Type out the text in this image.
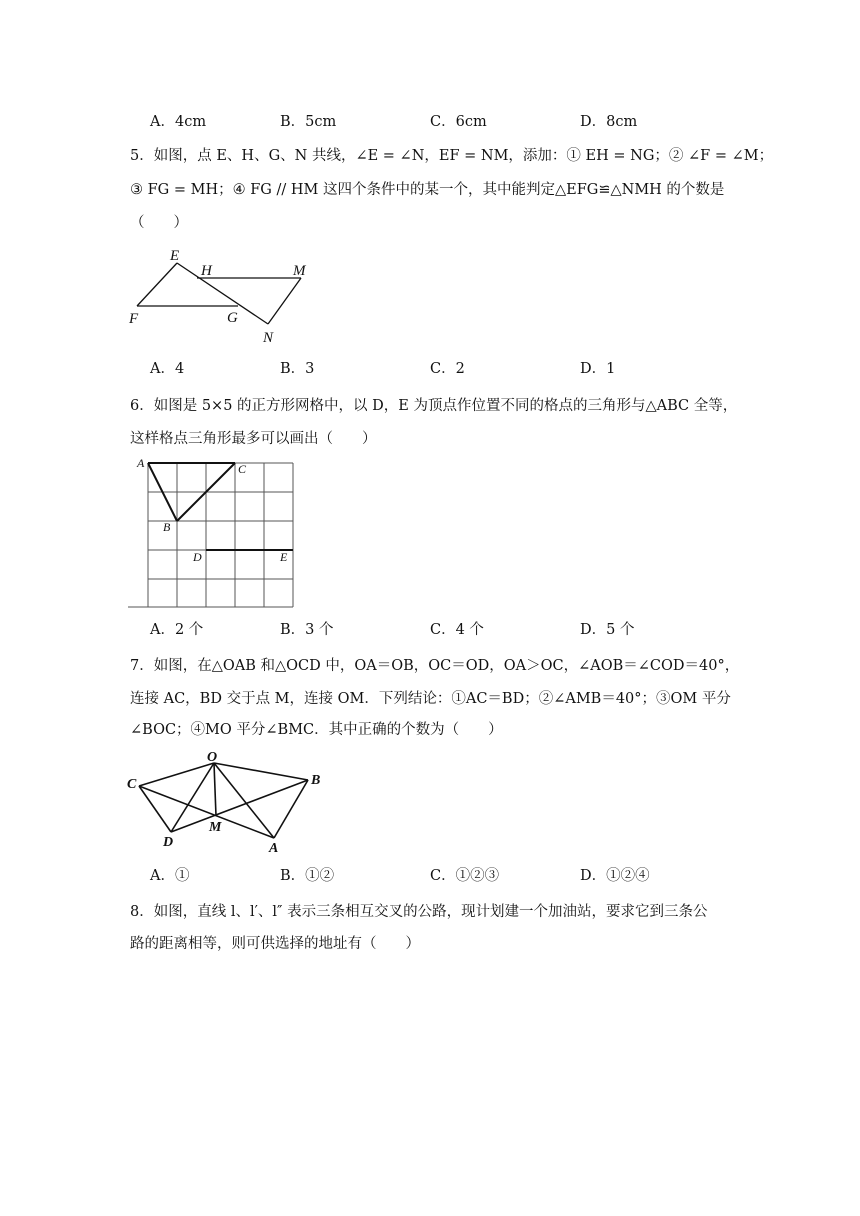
A．4cm	B．5cm	C．6cm	D．8cm
5．如图，点 E、H、G、N 共线，∠E = ∠N，EF = NM，添加：① EH = NG；② ∠F = ∠M；
③ FG = MH；④ FG // HM 这四个条件中的某一个，其中能判定△EFG≌△NMH 的个数是
（　　）
E
H	M
F	G
N
A．4	B．3	C．2	D．1
6．如图是 5×5 的正方形网格中，以 D，E 为顶点作位置不同的格点的三角形与△ABC 全等，
这样格点三角形最多可以画出（　　）
A	C
B
D	E
A．2 个	B．3 个	C．4 个	D．5 个
7．如图，在△OAB 和△OCD 中，OA＝OB，OC＝OD，OA＞OC，∠AOB＝∠COD＝40°，
连接 AC，BD 交于点 M，连接 OM．下列结论：①AC＝BD；②∠AMB＝40°；③OM 平分
∠BOC；④MO 平分∠BMC．其中正确的个数为（　　）
O
C	B
D
M
A
A．①	B．①②	C．①②③	D．①②④
8．如图，直线 l、l′、l″ 表示三条相互交叉的公路，现计划建一个加油站，要求它到三条公
路的距离相等，则可供选择的地址有（　　）
